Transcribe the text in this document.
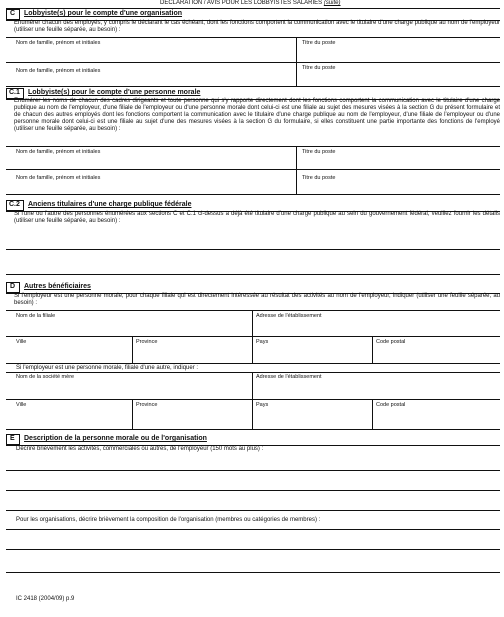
DÉCLARATION / AVIS POUR LES LOBBYISTES SALARIÉS (suite)
C Lobbyiste(s) pour le compte d'une organisation
Enumérer chacun des employés, y compris le déclarant le cas échéant, dont les fonctions comportent la communication avec le titulaire d'une charge publique au nom de l'employeur (utiliser une feuille séparée, au besoin) :
Nom de famille, prénom et initiales	Titre du poste
Nom de famille, prénom et initiales	Titre du poste
C.1 Lobbyiste(s) pour le compte d'une personne morale
Enumérer les noms de chacun des cadres dirigeants et toute personne qui s'y rapporte directement dont les fonctions comportent la communication avec le titulaire d'une charge publique au nom de l'employeur, d'une filiale de l'employeur ou d'une personne morale dont celui-ci est une filiale au sujet des mesures visées à la section G du présent formulaire et de chacun des autres employés dont les fonctions comportent la communication avec le titulaire d'une charge publique au nom de l'employeur, d'une filiale de l'employeur ou d'une personne morale dont celui-ci est une filiale au sujet d'une des mesures visées à la section G du formulaire, si elles constituent une partie importante des fonctions de l'employé (utiliser une feuille séparée, au besoin) :
Nom de famille, prénom et initiales	Titre du poste
Nom de famille, prénom et initiales	Titre du poste
C.2 Anciens titulaires d'une charge publique fédérale
Si l'une ou l'autre des personnes énumérées aux sections C et C.1 ci-dessus a déjà été titulaire d'une charge publique au sein du gouvernement fédéral, veuillez fournir les détails (utiliser une feuille séparée, au besoin) :
D Autres bénéficiaires
Si l'employeur est une personne morale, pour chaque filiale qui est directement intéressée au résultat des activités au nom de l'employeur, indiquer (utiliser une feuille séparée, au besoin) :
Nom de la filiale	Adresse de l'établissement
Ville	Province	Pays	Code postal
Si l'employeur est une personne morale, filiale d'une autre, indiquer :
Nom de la société mère	Adresse de l'établissement
Ville	Province	Pays	Code postal
E Description de la personne morale ou de l'organisation
Décrire brièvement les activités, commerciales ou autres, de l'employeur (150 mots au plus) :
Pour les organisations, décrire brièvement la composition de l'organisation (membres ou catégories de membres) :
IC 2418 (2004/09) p.9
